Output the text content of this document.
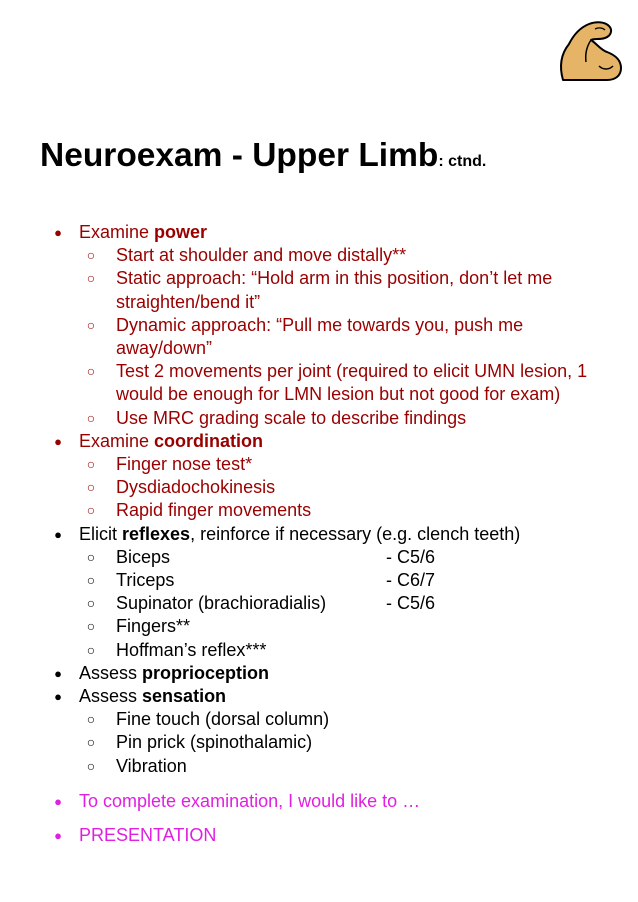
Neuroexam - Upper Limb: ctnd.
● Examine power
○ Start at shoulder and move distally**
○ Static approach: “Hold arm in this position, don’t let me straighten/bend it”
○ Dynamic approach: “Pull me towards you, push me away/down”
○ Test 2 movements per joint (required to elicit UMN lesion, 1 would be enough for LMN lesion but not good for exam)
○ Use MRC grading scale to describe findings
● Examine coordination
○ Finger nose test*
○ Dysdiadochokinesis
○ Rapid finger movements
● Elicit reflexes, reinforce if necessary (e.g. clench teeth)
○ Biceps	- C5/6
○ Triceps	- C6/7
○ Supinator (brachioradialis)	- C5/6
○ Fingers**
○ Hoffman’s reflex***
● Assess proprioception
● Assess sensation
○ Fine touch (dorsal column)
○ Pin prick (spinothalamic)
○ Vibration
● To complete examination, I would like to …
● PRESENTATION
